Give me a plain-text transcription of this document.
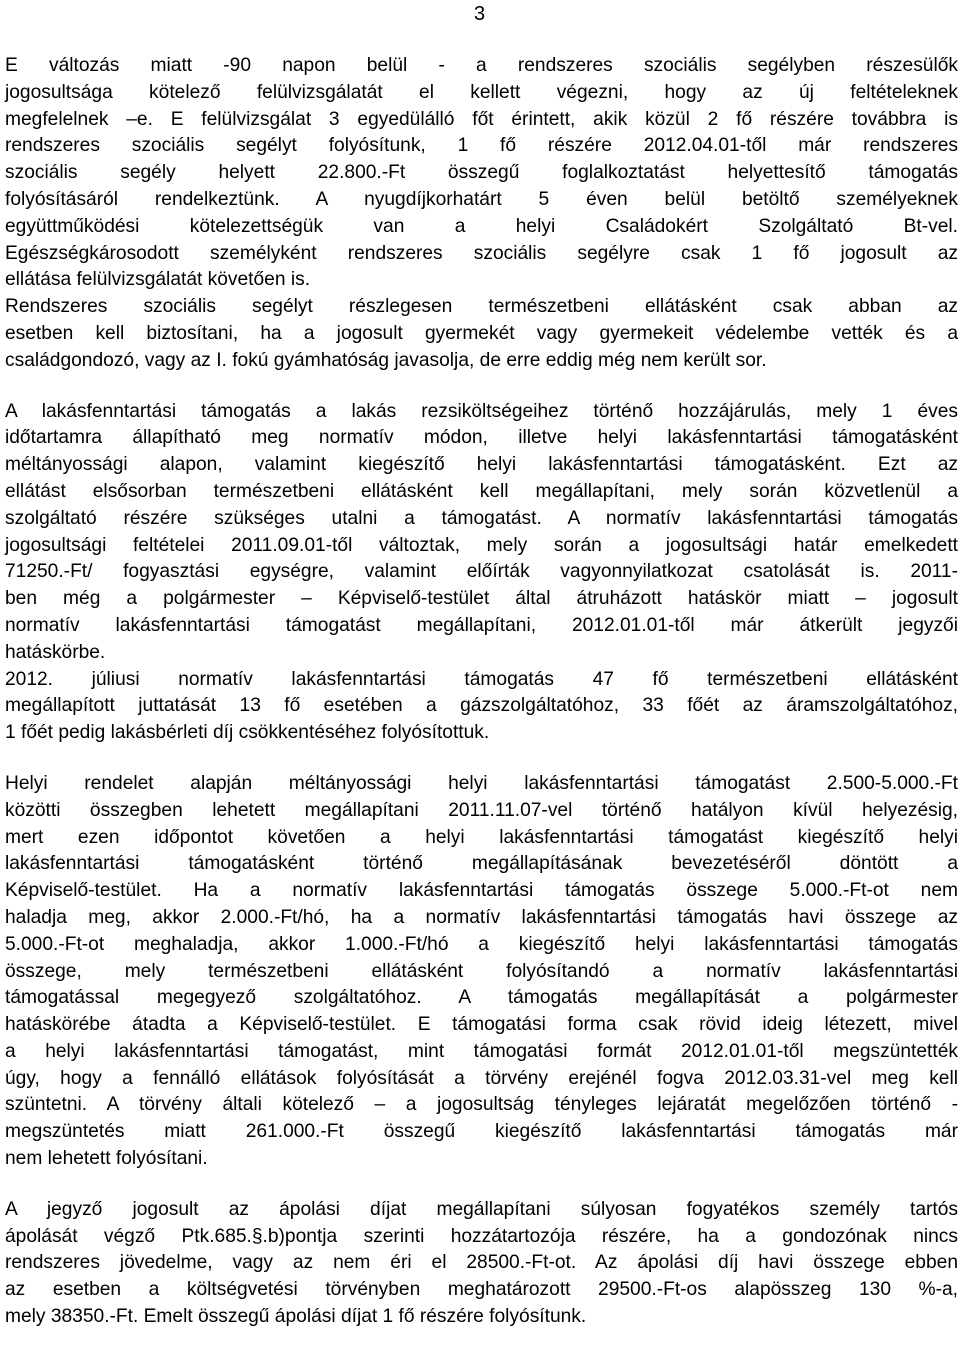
3

E változás miatt -90 napon belül - a rendszeres szociális segélyben részesülők
jogosultsága kötelező felülvizsgálatát el kellett végezni, hogy az új feltételeknek
megfelelnek –e. E felülvizsgálat 3 egyedülálló főt érintett, akik közül 2 fő részére továbbra is
rendszeres szociális segélyt folyósítunk, 1 fő részére 2012.04.01-től már rendszeres
szociális segély helyett 22.800.-Ft összegű foglalkoztatást helyettesítő támogatás
folyósításáról rendelkeztünk. A nyugdíjkorhatárt 5 éven belül betöltő személyeknek
együttműködési kötelezettségük van a helyi Családokért Szolgáltató Bt-vel.
Egészségkárosodott személyként rendszeres szociális segélyre csak 1 fő jogosult az
ellátása felülvizsgálatát követően is.
Rendszeres szociális segélyt részlegesen természetbeni ellátásként csak abban az
esetben kell biztosítani, ha a jogosult gyermekét vagy gyermekeit védelembe vették és a
családgondozó, vagy az I. fokú gyámhatóság javasolja, de erre eddig még nem került sor.

A lakásfenntartási támogatás a lakás rezsiköltségeihez történő hozzájárulás, mely 1 éves
időtartamra állapítható meg normatív módon, illetve helyi lakásfenntartási támogatásként
méltányossági alapon, valamint kiegészítő helyi lakásfenntartási támogatásként. Ezt az
ellátást elsősorban természetbeni ellátásként kell megállapítani, mely során közvetlenül a
szolgáltató részére szükséges utalni a támogatást. A normatív lakásfenntartási támogatás
jogosultsági feltételei 2011.09.01-től változtak, mely során a jogosultsági határ emelkedett
71250.-Ft/ fogyasztási egységre, valamint előírták vagyonnyilatkozat csatolását is. 2011-
ben még a polgármester – Képviselő-testület által átruházott hatáskör miatt – jogosult
normatív lakásfenntartási támogatást megállapítani, 2012.01.01-től már átkerült jegyzői
hatáskörbe.
2012. júliusi normatív lakásfenntartási támogatás 47 fő természetbeni ellátásként
megállapított juttatását 13 fő esetében a gázszolgáltatóhoz, 33 főét az áramszolgáltatóhoz,
1 főét pedig lakásbérleti díj csökkentéséhez folyósítottuk.

Helyi rendelet alapján méltányossági helyi lakásfenntartási támogatást 2.500-5.000.-Ft
közötti összegben lehetett megállapítani 2011.11.07-vel történő hatályon kívül helyezésig,
mert ezen időpontot követően a helyi lakásfenntartási támogatást kiegészítő helyi
lakásfenntartási támogatásként történő megállapításának bevezetéséről döntött a
Képviselő-testület. Ha a normatív lakásfenntartási támogatás összege 5.000.-Ft-ot nem
haladja meg, akkor 2.000.-Ft/hó, ha a normatív lakásfenntartási támogatás havi összege az
5.000.-Ft-ot meghaladja, akkor 1.000.-Ft/hó a kiegészítő helyi lakásfenntartási támogatás
összege, mely természetbeni ellátásként folyósítandó a normatív lakásfenntartási
támogatással megegyező szolgáltatóhoz. A támogatás megállapítását a polgármester
hatáskörébe átadta a Képviselő-testület. E támogatási forma csak rövid ideig létezett, mivel
a helyi lakásfenntartási támogatást, mint támogatási formát 2012.01.01-től megszüntették
úgy, hogy a fennálló ellátások folyósítását a törvény erejénél fogva 2012.03.31-vel meg kell
szüntetni. A törvény általi kötelező – a jogosultság tényleges lejáratát megelőzően történő -
megszüntetés miatt 261.000.-Ft összegű kiegészítő lakásfenntartási támogatás már
nem lehetett folyósítani.

A jegyző jogosult az ápolási díjat megállapítani súlyosan fogyatékos személy tartós
ápolását végző Ptk.685.§.b)pontja szerinti hozzátartozója részére, ha a gondozónak nincs
rendszeres jövedelme, vagy az nem éri el 28500.-Ft-ot. Az ápolási díj havi összege ebben
az esetben a költségvetési törvényben meghatározott 29500.-Ft-os alapösszeg 130 %-a,
mely 38350.-Ft. Emelt összegű ápolási díjat 1 fő részére folyósítunk.
